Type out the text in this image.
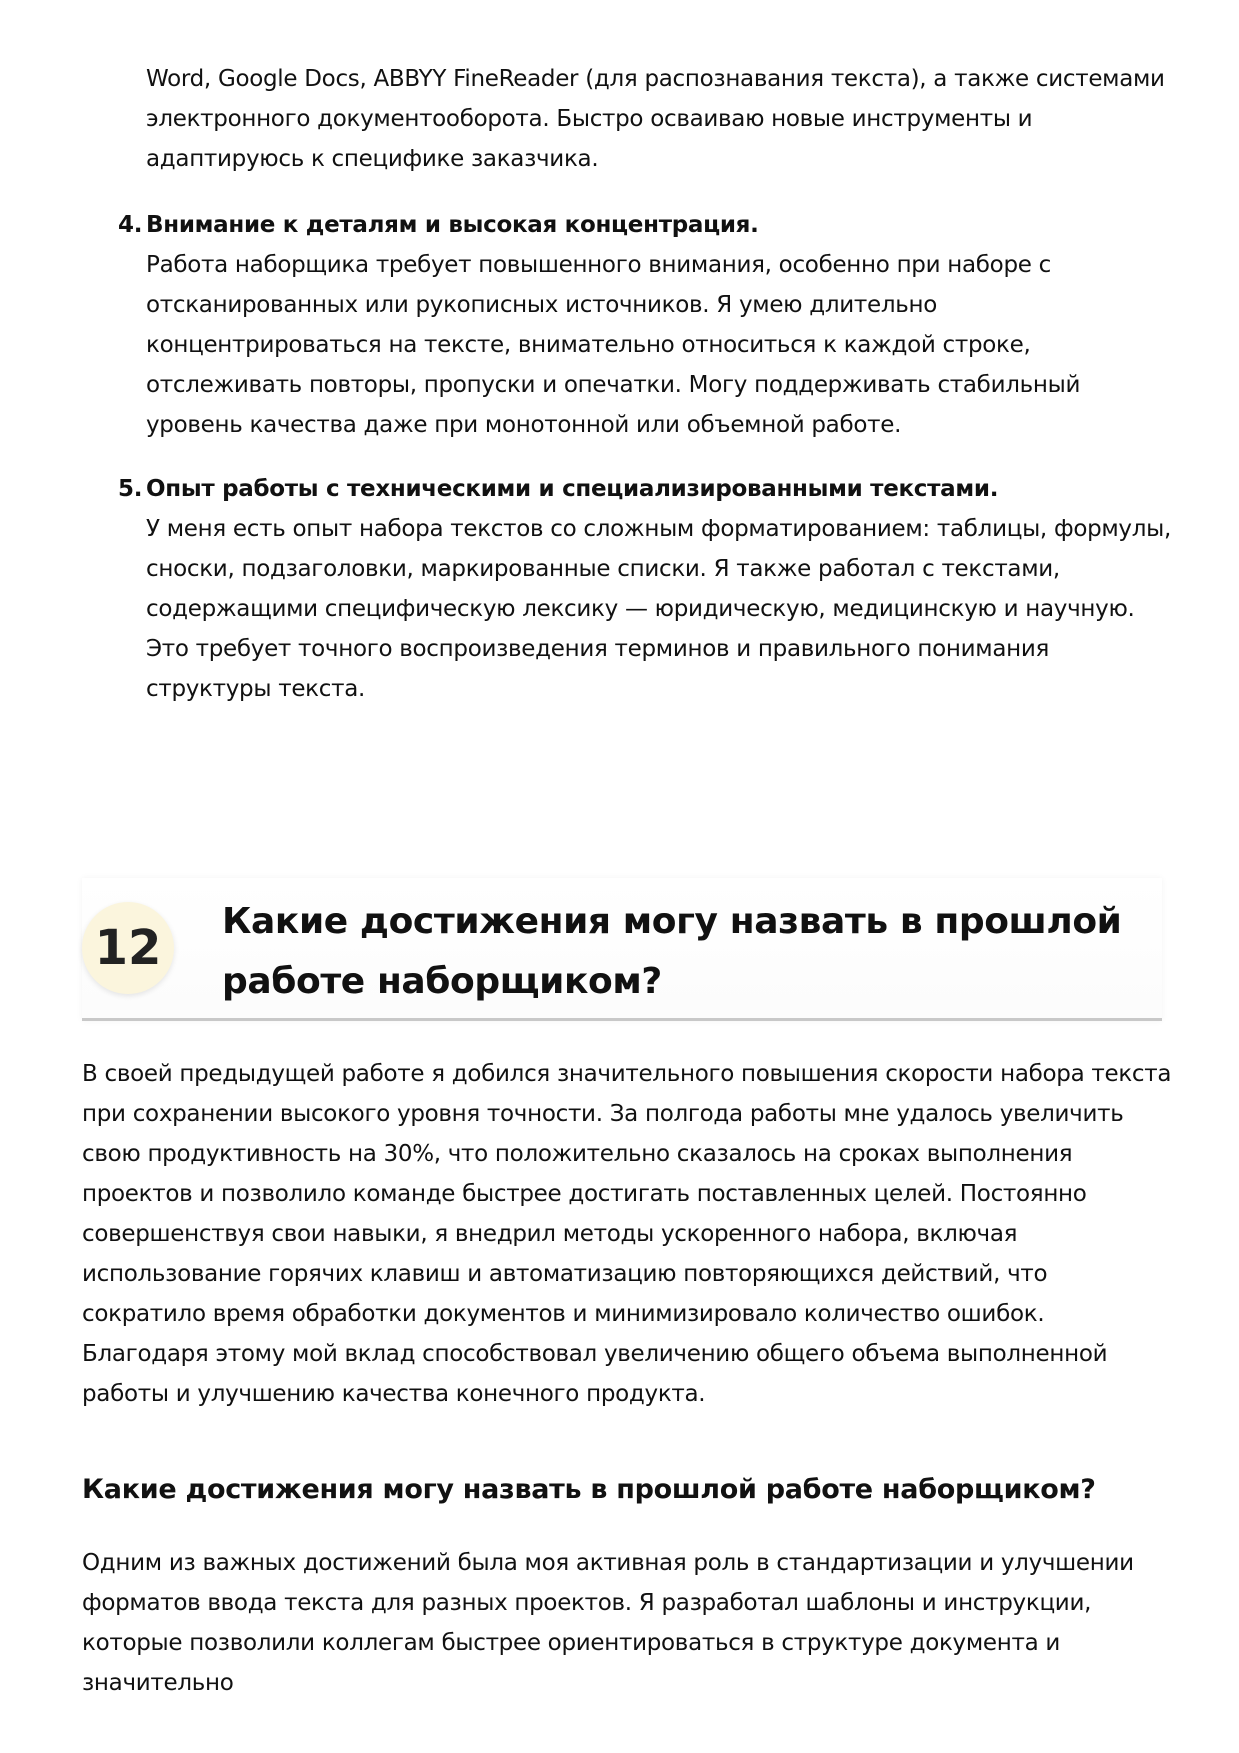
Word, Google Docs, ABBYY FineReader (для распознавания текста), а также системами электронного документооборота. Быстро осваиваю новые инструменты и адаптируюсь к специфике заказчика.

4. Внимание к деталям и высокая концентрация.
Работа наборщика требует повышенного внимания, особенно при наборе с отсканированных или рукописных источников. Я умею длительно концентрироваться на тексте, внимательно относиться к каждой строке, отслеживать повторы, пропуски и опечатки. Могу поддерживать стабильный уровень качества даже при монотонной или объемной работе.
5. Опыт работы с техническими и специализированными текстами.
У меня есть опыт набора текстов со сложным форматированием: таблицы, формулы, сноски, подзаголовки, маркированные списки. Я также работал с текстами, содержащими специфическую лексику — юридическую, медицинскую и научную. Это требует точного воспроизведения терминов и правильного понимания структуры текста.
12	Какие достижения могу назвать в прошлой работе наборщиком?

В своей предыдущей работе я добился значительного повышения скорости набора текста при сохранении высокого уровня точности. За полгода работы мне удалось увеличить свою продуктивность на 30%, что положительно сказалось на сроках выполнения проектов и позволило команде быстрее достигать поставленных целей. Постоянно совершенствуя свои навыки, я внедрил методы ускоренного набора, включая использование горячих клавиш и автоматизацию повторяющихся действий, что сократило время обработки документов и минимизировало количество ошибок. Благодаря этому мой вклад способствовал увеличению общего объема выполненной работы и улучшению качества конечного продукта.

Какие достижения могу назвать в прошлой работе наборщиком?

Одним из важных достижений была моя активная роль в стандартизации и улучшении форматов ввода текста для разных проектов. Я разработал шаблоны и инструкции, которые позволили коллегам быстрее ориентироваться в структуре документа и значительно
